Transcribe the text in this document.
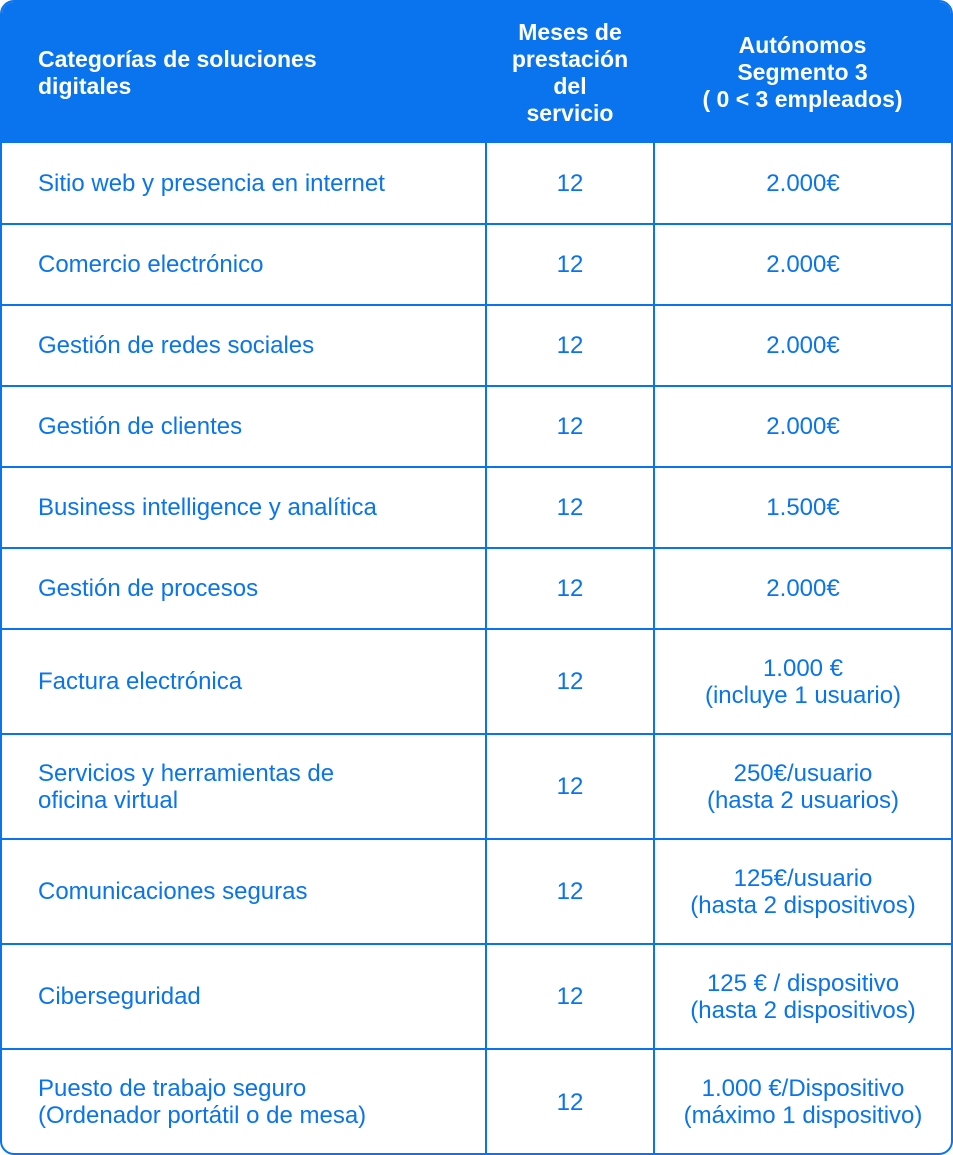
Categorías de soluciones
digitales	Meses de
prestación del
servicio	Autónomos
Segmento 3
( 0 < 3 empleados)
Sitio web y presencia en internet	12	2.000€
Comercio electrónico	12	2.000€
Gestión de redes sociales	12	2.000€
Gestión de clientes	12	2.000€
Business intelligence y analítica	12	1.500€
Gestión de procesos	12	2.000€
Factura electrónica	12	1.000 €
(incluye 1 usuario)
Servicios y herramientas de
oficina virtual	12	250€/usuario
(hasta 2 usuarios)
Comunicaciones seguras	12	125€/usuario
(hasta 2 dispositivos)
Ciberseguridad	12	125 € / dispositivo
(hasta 2 dispositivos)
Puesto de trabajo seguro
(Ordenador portátil o de mesa)	12	1.000 €/Dispositivo
(máximo 1 dispositivo)
